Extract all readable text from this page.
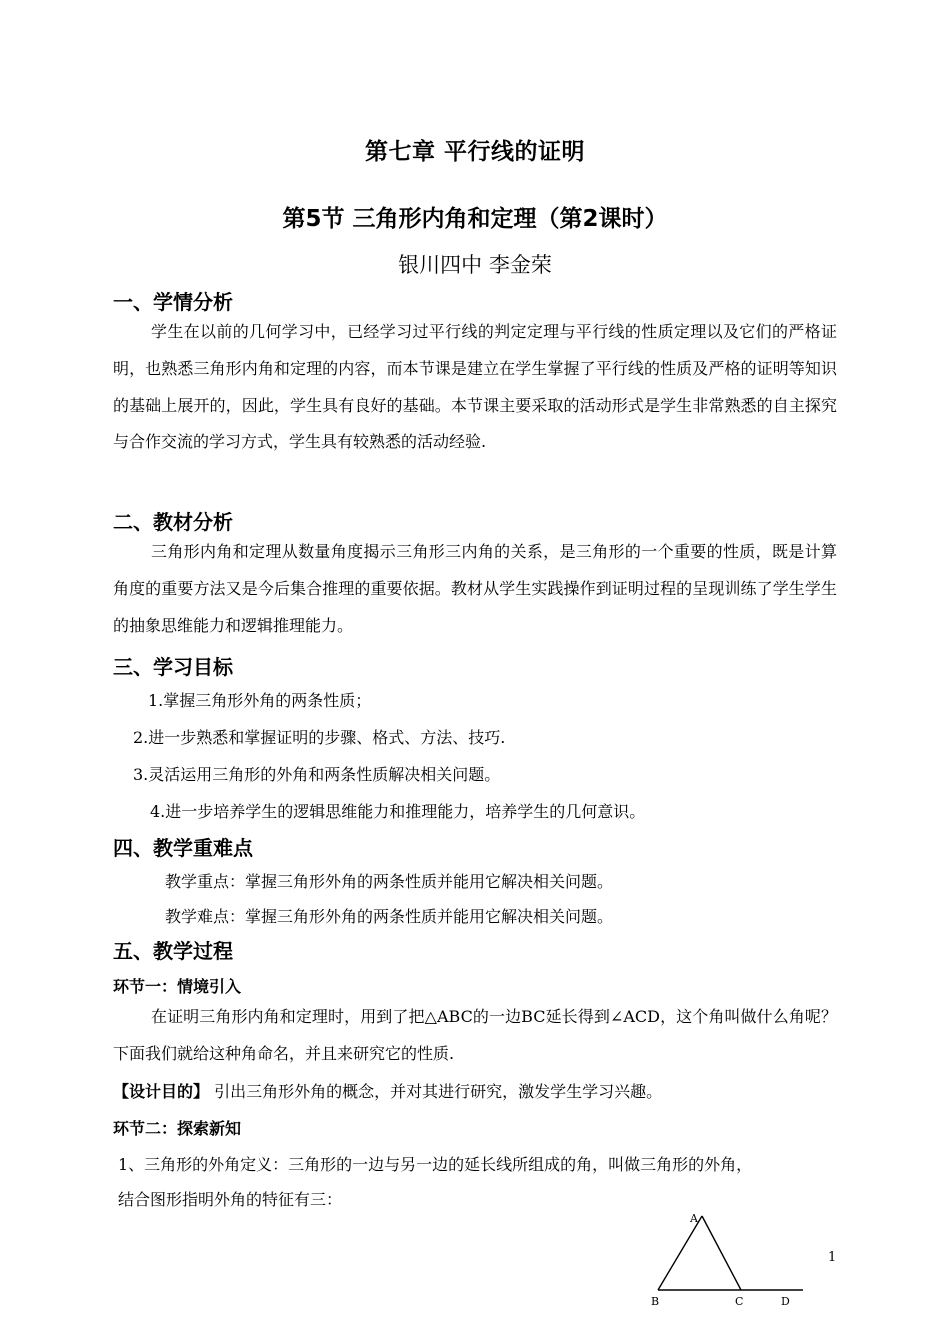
第七章 平行线的证明
第5节 三角形内角和定理（第2课时）
银川四中 李金荣
一、学情分析
学生在以前的几何学习中，已经学习过平行线的判定定理与平行线的性质定理以及它们的严格证明，也熟悉三角形内角和定理的内容，而本节课是建立在学生掌握了平行线的性质及严格的证明等知识的基础上展开的，因此，学生具有良好的基础。本节课主要采取的活动形式是学生非常熟悉的自主探究与合作交流的学习方式，学生具有较熟悉的活动经验.
二、教材分析
三角形内角和定理从数量角度揭示三角形三内角的关系，是三角形的一个重要的性质，既是计算角度的重要方法又是今后集合推理的重要依据。教材从学生实践操作到证明过程的呈现训练了学生学生的抽象思维能力和逻辑推理能力。
三、学习目标
1.掌握三角形外角的两条性质；
2.进一步熟悉和掌握证明的步骤、格式、方法、技巧.
3.灵活运用三角形的外角和两条性质解决相关问题。
4.进一步培养学生的逻辑思维能力和推理能力，培养学生的几何意识。
四、教学重难点
教学重点：掌握三角形外角的两条性质并能用它解决相关问题。
教学难点：掌握三角形外角的两条性质并能用它解决相关问题。
五、教学过程
环节一：情境引入
在证明三角形内角和定理时，用到了把△ABC的一边BC延长得到∠ACD，这个角叫做什么角呢？下面我们就给这种角命名，并且来研究它的性质.
【设计目的】 引出三角形外角的概念，并对其进行研究，激发学生学习兴趣。
环节二：探索新知
1、三角形的外角定义：三角形的一边与另一边的延长线所组成的角，叫做三角形的外角，
结合图形指明外角的特征有三：
A
B	C	D
1
